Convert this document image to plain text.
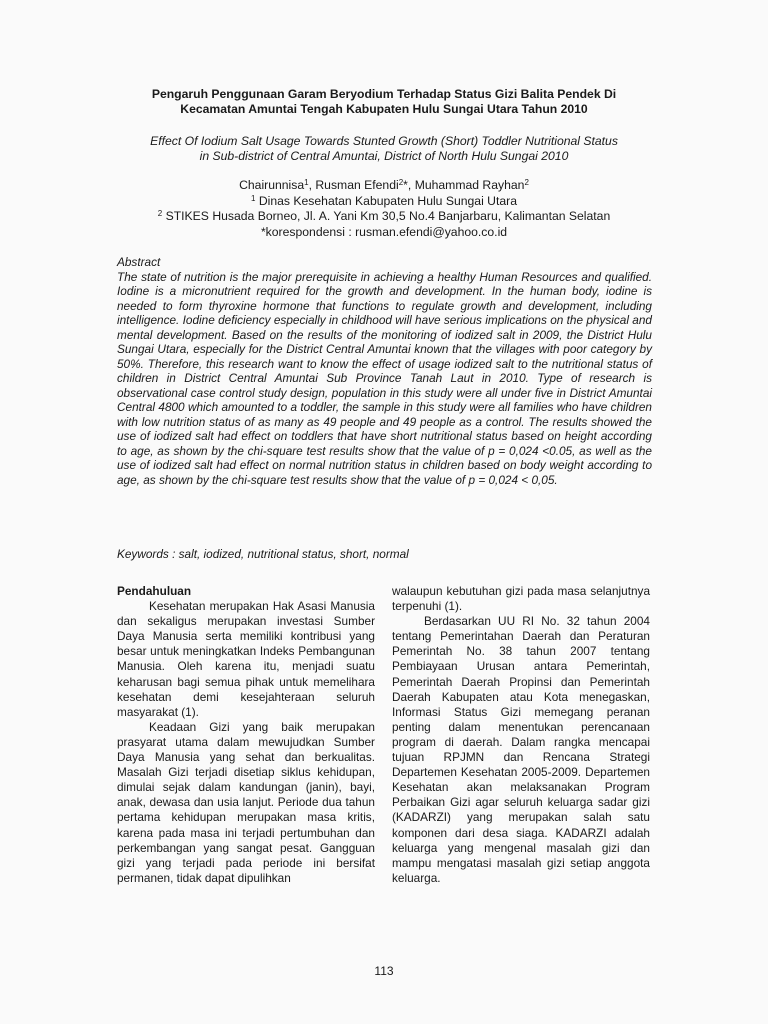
Pengaruh Penggunaan Garam Beryodium Terhadap Status Gizi Balita Pendek Di
Kecamatan Amuntai Tengah Kabupaten Hulu Sungai Utara Tahun 2010
Effect Of Iodium Salt Usage Towards Stunted Growth (Short) Toddler Nutritional Status
in Sub-district of Central Amuntai, District of North Hulu Sungai 2010
Chairunnisa$^1$, Rusman Efendi$^2$*, Muhammad Rayhan$^2$
$^1$ Dinas Kesehatan Kabupaten Hulu Sungai Utara
$^2$ STIKES Husada Borneo, Jl. A. Yani Km 30,5 No.4 Banjarbaru, Kalimantan Selatan
*korespondensi : rusman.efendi@yahoo.co.id
Abstract
The state of nutrition is the major prerequisite in achieving a healthy Human Resources and qualified. Iodine is a micronutrient required for the growth and development. In the human body, iodine is needed to form thyroxine hormone that functions to regulate growth and development, including intelligence. Iodine deficiency especially in childhood will have serious implications on the physical and mental development. Based on the results of the monitoring of iodized salt in 2009, the District Hulu Sungai Utara, especially for the District Central Amuntai known that the villages with poor category by 50%. Therefore, this research want to know the effect of usage iodized salt to the nutritional status of children in District Central Amuntai Sub Province Tanah Laut in 2010. Type of research is observational case control study design, population in this study were all under five in District Amuntai Central 4800 which amounted to a toddler, the sample in this study were all families who have children with low nutrition status of as many as 49 people and 49 people as a control. The results showed the use of iodized salt had effect on toddlers that have short nutritional status based on height according to age, as shown by the chi-square test results show that the value of p = 0,024 <0.05, as well as the use of iodized salt had effect on normal nutrition status in children based on body weight according to age, as shown by the chi-square test results show that the value of p = 0,024 < 0,05.
Keywords : salt, iodized, nutritional status, short, normal

Pendahuluan

Kesehatan merupakan Hak Asasi Manusia dan sekaligus merupakan investasi Sumber Daya Manusia serta memiliki kontribusi yang besar untuk meningkatkan Indeks Pembangunan Manusia. Oleh karena itu, menjadi suatu keharusan bagi semua pihak untuk memelihara kesehatan demi kesejahteraan seluruh masyarakat (1).

Keadaan Gizi yang baik merupakan prasyarat utama dalam mewujudkan Sumber Daya Manusia yang sehat dan berkualitas. Masalah Gizi terjadi disetiap siklus kehidupan, dimulai sejak dalam kandungan (janin), bayi, anak, dewasa dan usia lanjut. Periode dua tahun pertama kehidupan merupakan masa kritis, karena pada masa ini terjadi pertumbuhan dan perkembangan yang sangat pesat. Gangguan gizi yang terjadi pada periode ini bersifat permanen, tidak dapat dipulihkan

walaupun kebutuhan gizi pada masa selanjutnya terpenuhi (1).

Berdasarkan UU RI No. 32 tahun 2004 tentang Pemerintahan Daerah dan Peraturan Pemerintah No. 38 tahun 2007 tentang Pembiayaan Urusan antara Pemerintah, Pemerintah Daerah Propinsi dan Pemerintah Daerah Kabupaten atau Kota menegaskan, Informasi Status Gizi memegang peranan penting dalam menentukan perencanaan program di daerah. Dalam rangka mencapai tujuan RPJMN dan Rencana Strategi Departemen Kesehatan 2005-2009. Departemen Kesehatan akan melaksanakan Program Perbaikan Gizi agar seluruh keluarga sadar gizi (KADARZI) yang merupakan salah satu komponen dari desa siaga. KADARZI adalah keluarga yang mengenal masalah gizi dan mampu mengatasi masalah gizi setiap anggota keluarga.

113
